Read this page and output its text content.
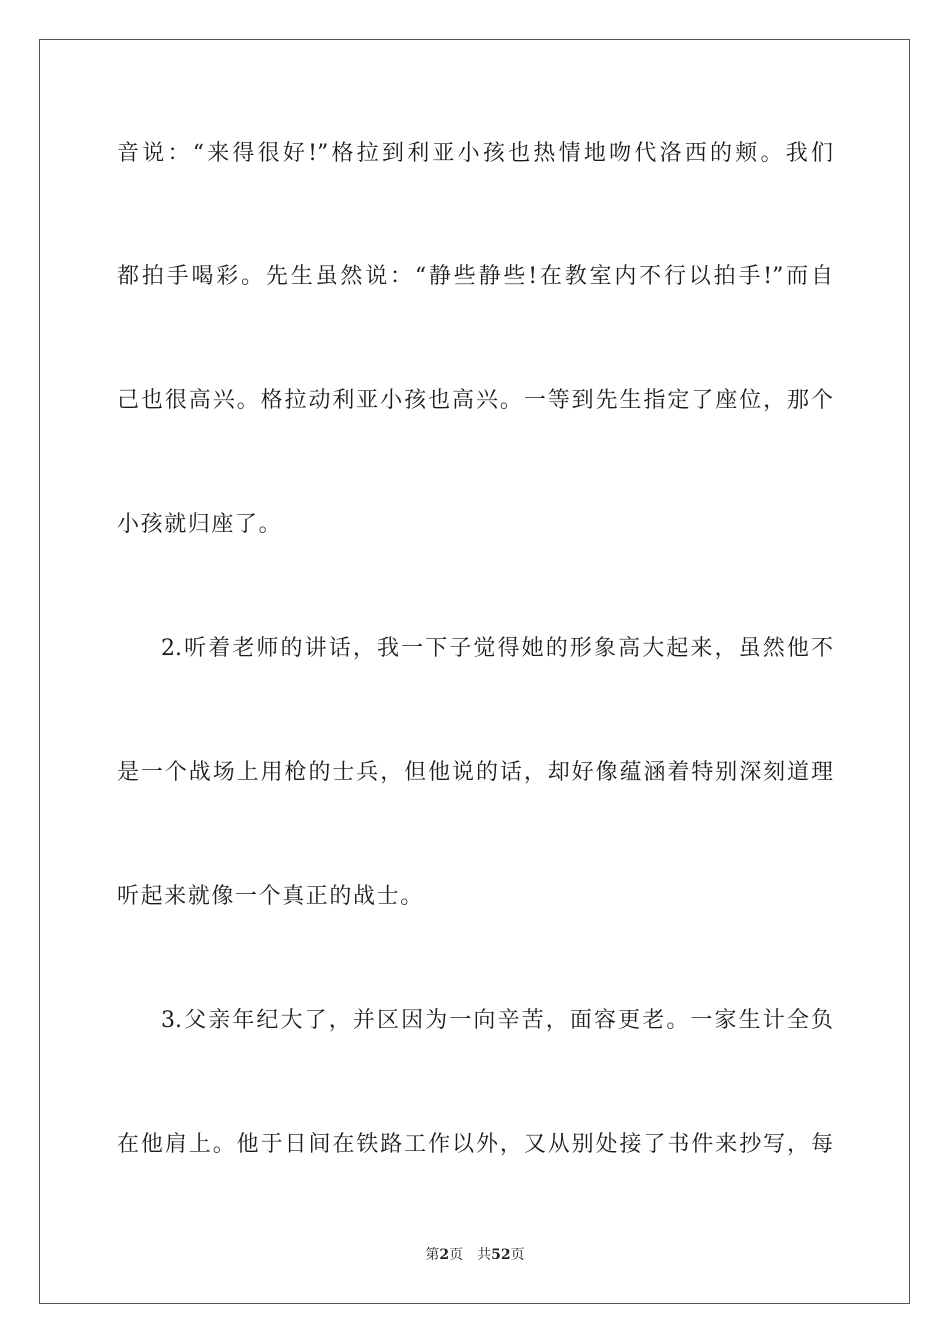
音说：“来得很好!”格拉到利亚小孩也热情地吻代洛西的颊。我们
都拍手喝彩。先生虽然说：“静些静些!在教室内不行以拍手!”而自
己也很高兴。格拉动利亚小孩也高兴。一等到先生指定了座位，那个
小孩就归座了。
2.听着老师的讲话，我一下子觉得她的形象高大起来，虽然他不
是一个战场上用枪的士兵，但他说的话，却好像蕴涵着特别深刻道理
听起来就像一个真正的战士。
3.父亲年纪大了，并区因为一向辛苦，面容更老。一家生计全负
在他肩上。他于日间在铁路工作以外，又从别处接了书件来抄写，每
第2页 共52页
